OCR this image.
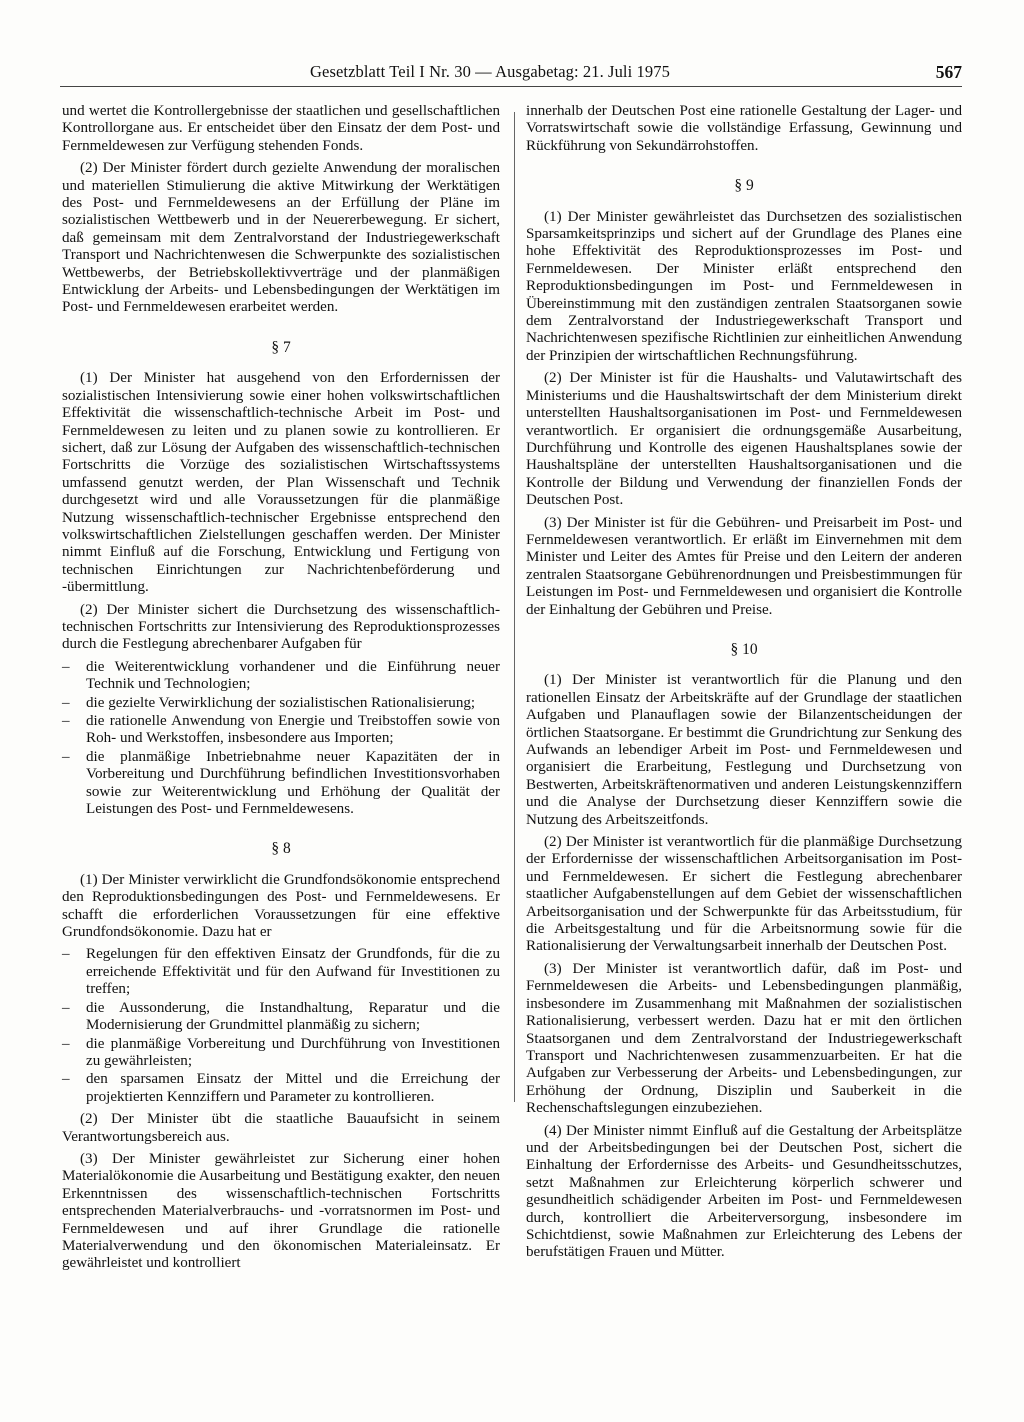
Gesetzblatt Teil I Nr. 30 — Ausgabetag: 21. Juli 1975	567

und wertet die Kontrollergebnisse der staatlichen und gesellschaftlichen Kontrollorgane aus. Er entscheidet über den Einsatz der dem Post- und Fernmeldewesen zur Verfügung stehenden Fonds.

(2) Der Minister fördert durch gezielte Anwendung der moralischen und materiellen Stimulierung die aktive Mitwirkung der Werktätigen des Post- und Fernmeldewesens an der Erfüllung der Pläne im sozialistischen Wettbewerb und in der Neuererbewegung. Er sichert, daß gemeinsam mit dem Zentralvorstand der Industriegewerkschaft Transport und Nachrichtenwesen die Schwerpunkte des sozialistischen Wettbewerbs, der Betriebskollektivverträge und der planmäßigen Entwicklung der Arbeits- und Lebensbedingungen der Werktätigen im Post- und Fernmeldewesen erarbeitet werden.

§ 7

(1) Der Minister hat ausgehend von den Erfordernissen der sozialistischen Intensivierung sowie einer hohen volkswirtschaftlichen Effektivität die wissenschaftlich-technische Arbeit im Post- und Fernmeldewesen zu leiten und zu planen sowie zu kontrollieren. Er sichert, daß zur Lösung der Aufgaben des wissenschaftlich-technischen Fortschritts die Vorzüge des sozialistischen Wirtschaftssystems umfassend genutzt werden, der Plan Wissenschaft und Technik durchgesetzt wird und alle Voraussetzungen für die planmäßige Nutzung wissenschaftlich-technischer Ergebnisse entsprechend den volkswirtschaftlichen Zielstellungen geschaffen werden. Der Minister nimmt Einfluß auf die Forschung, Entwicklung und Fertigung von technischen Einrichtungen zur Nachrichtenbeförderung und -übermittlung.

(2) Der Minister sichert die Durchsetzung des wissenschaftlich-technischen Fortschritts zur Intensivierung des Reproduktionsprozesses durch die Festlegung abrechenbarer Aufgaben für

– die Weiterentwicklung vorhandener und die Einführung neuer Technik und Technologien;
– die gezielte Verwirklichung der sozialistischen Rationalisierung;
– die rationelle Anwendung von Energie und Treibstoffen sowie von Roh- und Werkstoffen, insbesondere aus Importen;
– die planmäßige Inbetriebnahme neuer Kapazitäten der in Vorbereitung und Durchführung befindlichen Investitionsvorhaben sowie zur Weiterentwicklung und Erhöhung der Qualität der Leistungen des Post- und Fernmeldewesens.
§ 8

(1) Der Minister verwirklicht die Grundfondsökonomie entsprechend den Reproduktionsbedingungen des Post- und Fernmeldewesens. Er schafft die erforderlichen Voraussetzungen für eine effektive Grundfondsökonomie. Dazu hat er

– Regelungen für den effektiven Einsatz der Grundfonds, für die zu erreichende Effektivität und für den Aufwand für Investitionen zu treffen;
– die Aussonderung, die Instandhaltung, Reparatur und die Modernisierung der Grundmittel planmäßig zu sichern;
– die planmäßige Vorbereitung und Durchführung von Investitionen zu gewährleisten;
– den sparsamen Einsatz der Mittel und die Erreichung der projektierten Kennziffern und Parameter zu kontrollieren.

(2) Der Minister übt die staatliche Bauaufsicht in seinem Verantwortungsbereich aus.

(3) Der Minister gewährleistet zur Sicherung einer hohen Materialökonomie die Ausarbeitung und Bestätigung exakter, den neuen Erkenntnissen des wissenschaftlich-technischen Fortschritts entsprechenden Materialverbrauchs- und -vorratsnormen im Post- und Fernmeldewesen und auf ihrer Grundlage die rationelle Materialverwendung und den ökonomischen Materialeinsatz. Er gewährleistet und kontrolliert

innerhalb der Deutschen Post eine rationelle Gestaltung der Lager- und Vorratswirtschaft sowie die vollständige Erfassung, Gewinnung und Rückführung von Sekundärrohstoffen.

§ 9

(1) Der Minister gewährleistet das Durchsetzen des sozialistischen Sparsamkeitsprinzips und sichert auf der Grundlage des Planes eine hohe Effektivität des Reproduktionsprozesses im Post- und Fernmeldewesen. Der Minister erläßt entsprechend den Reproduktionsbedingungen im Post- und Fernmeldewesen in Übereinstimmung mit den zuständigen zentralen Staatsorganen sowie dem Zentralvorstand der Industriegewerkschaft Transport und Nachrichtenwesen spezifische Richtlinien zur einheitlichen Anwendung der Prinzipien der wirtschaftlichen Rechnungsführung.

(2) Der Minister ist für die Haushalts- und Valutawirtschaft des Ministeriums und die Haushaltswirtschaft der dem Ministerium direkt unterstellten Haushaltsorganisationen im Post- und Fernmeldewesen verantwortlich. Er organisiert die ordnungsgemäße Ausarbeitung, Durchführung und Kontrolle des eigenen Haushaltsplanes sowie der Haushaltspläne der unterstellten Haushaltsorganisationen und die Kontrolle der Bildung und Verwendung der finanziellen Fonds der Deutschen Post.

(3) Der Minister ist für die Gebühren- und Preisarbeit im Post- und Fernmeldewesen verantwortlich. Er erläßt im Einvernehmen mit dem Minister und Leiter des Amtes für Preise und den Leitern der anderen zentralen Staatsorgane Gebührenordnungen und Preisbestimmungen für Leistungen im Post- und Fernmeldewesen und organisiert die Kontrolle der Einhaltung der Gebühren und Preise.

§ 10

(1) Der Minister ist verantwortlich für die Planung und den rationellen Einsatz der Arbeitskräfte auf der Grundlage der staatlichen Aufgaben und Planauflagen sowie der Bilanzentscheidungen der örtlichen Staatsorgane. Er bestimmt die Grundrichtung zur Senkung des Aufwands an lebendiger Arbeit im Post- und Fernmeldewesen und organisiert die Erarbeitung, Festlegung und Durchsetzung von Bestwerten, Arbeitskräftenormativen und anderen Leistungskennziffern und die Analyse der Durchsetzung dieser Kennziffern sowie die Nutzung des Arbeitszeitfonds.

(2) Der Minister ist verantwortlich für die planmäßige Durchsetzung der Erfordernisse der wissenschaftlichen Arbeitsorganisation im Post- und Fernmeldewesen. Er sichert die Festlegung abrechenbarer staatlicher Aufgabenstellungen auf dem Gebiet der wissenschaftlichen Arbeitsorganisation und der Schwerpunkte für das Arbeitsstudium, für die Arbeitsgestaltung und für die Arbeitsnormung sowie für die Rationalisierung der Verwaltungsarbeit innerhalb der Deutschen Post.

(3) Der Minister ist verantwortlich dafür, daß im Post- und Fernmeldewesen die Arbeits- und Lebensbedingungen planmäßig, insbesondere im Zusammenhang mit Maßnahmen der sozialistischen Rationalisierung, verbessert werden. Dazu hat er mit den örtlichen Staatsorganen und dem Zentralvorstand der Industriegewerkschaft Transport und Nachrichtenwesen zusammenzuarbeiten. Er hat die Aufgaben zur Verbesserung der Arbeits- und Lebensbedingungen, zur Erhöhung der Ordnung, Disziplin und Sauberkeit in die Rechenschaftslegungen einzubeziehen.

(4) Der Minister nimmt Einfluß auf die Gestaltung der Arbeitsplätze und der Arbeitsbedingungen bei der Deutschen Post, sichert die Einhaltung der Erfordernisse des Arbeits- und Gesundheitsschutzes, setzt Maßnahmen zur Erleichterung körperlich schwerer und gesundheitlich schädigender Arbeiten im Post- und Fernmeldewesen durch, kontrolliert die Arbeiterversorgung, insbesondere im Schichtdienst, sowie Maßnahmen zur Erleichterung des Lebens der berufstätigen Frauen und Mütter.
